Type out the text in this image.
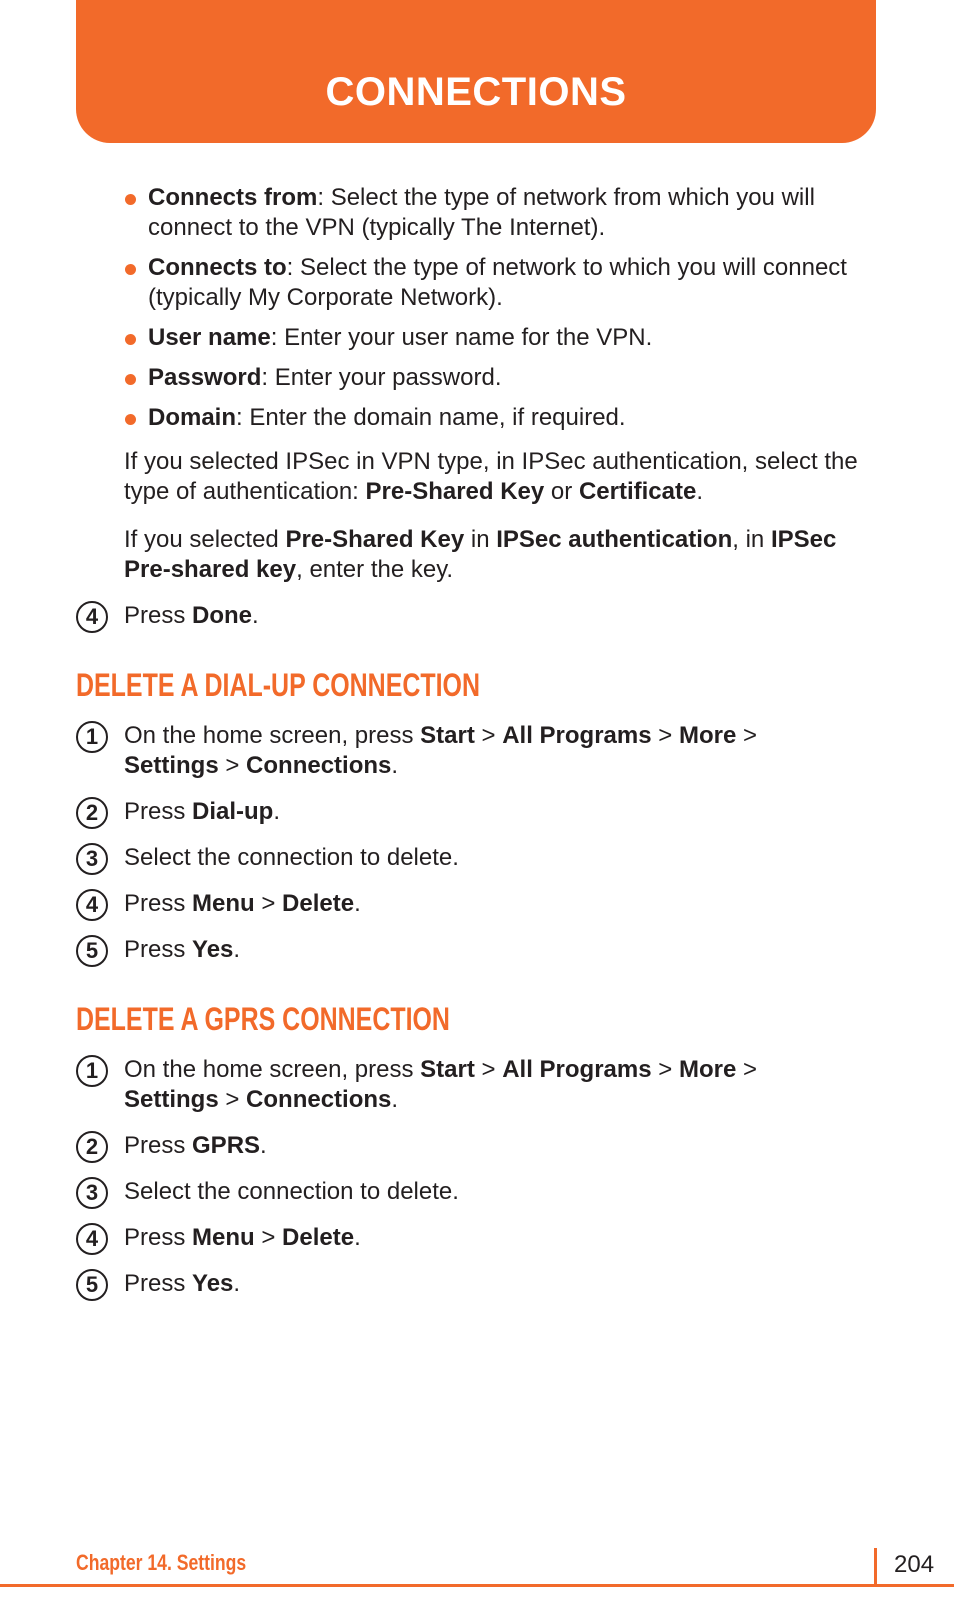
CONNECTIONS
Connects from: Select the type of network from which you will connect to the VPN (typically The Internet).
Connects to: Select the type of network to which you will connect (typically My Corporate Network).
User name: Enter your user name for the VPN.
Password: Enter your password.
Domain: Enter the domain name, if required.

If you selected IPSec in VPN type, in IPSec authentication, select the type of authentication: Pre-Shared Key or Certificate.

If you selected Pre-Shared Key in IPSec authentication, in IPSec Pre-shared key, enter the key.

4	Press Done.
DELETE A DIAL-UP CONNECTION
1	On the home screen, press Start > All Programs > More >
Settings > Connections.
2	Press Dial-up.
3	Select the connection to delete.
4	Press Menu > Delete.
5	Press Yes.
DELETE A GPRS CONNECTION
1	On the home screen, press Start > All Programs > More >
Settings > Connections.
2	Press GPRS.
3	Select the connection to delete.
4	Press Menu > Delete.
5	Press Yes.
Chapter 14. Settings	204
